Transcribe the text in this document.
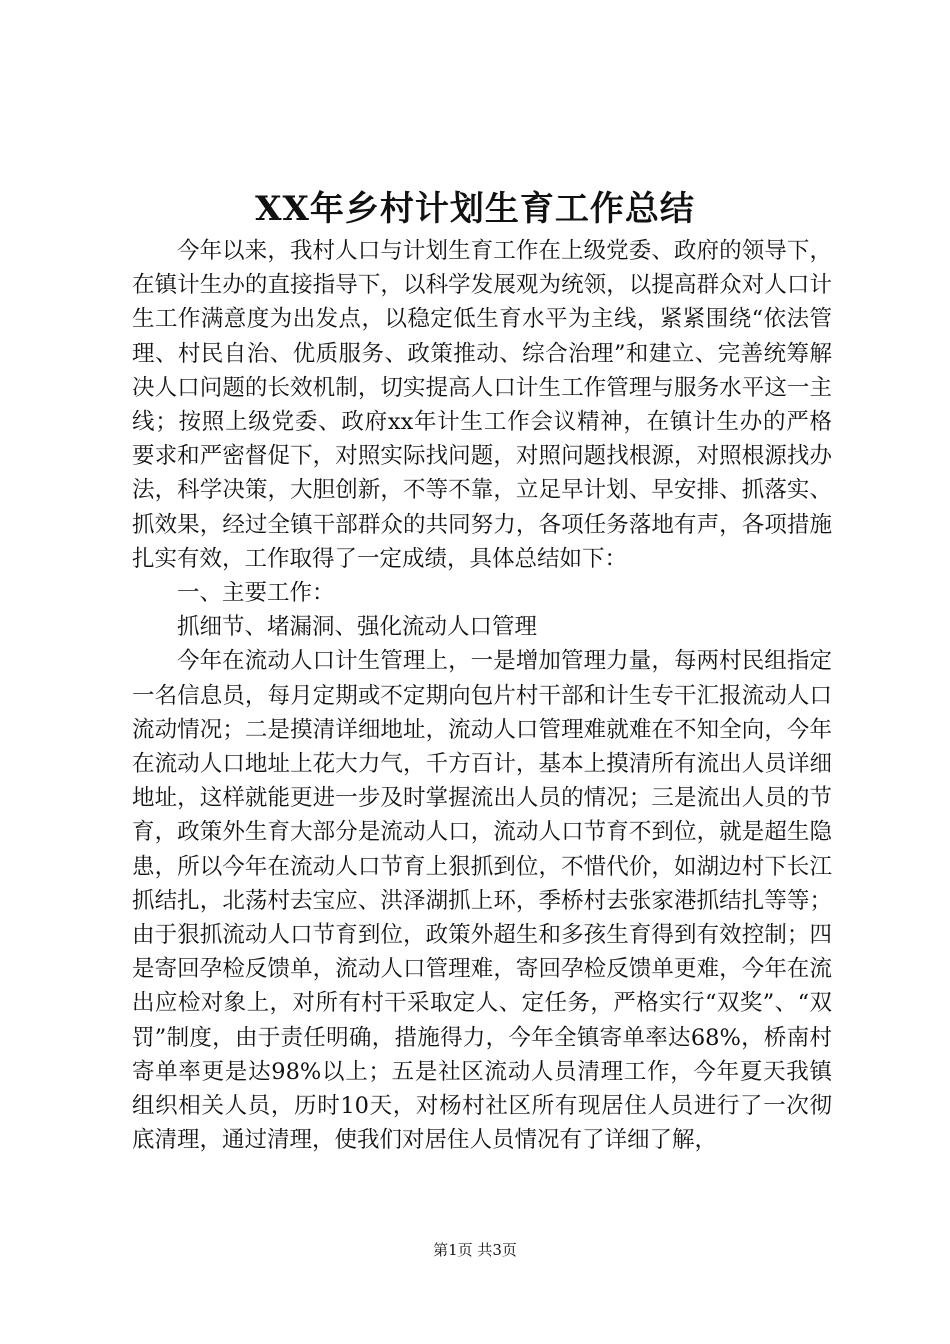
XX年乡村计划生育工作总结

今年以来，我村人口与计划生育工作在上级党委、政府的领导下，在镇计生办的直接指导下，以科学发展观为统领，以提高群众对人口计生工作满意度为出发点，以稳定低生育水平为主线，紧紧围绕“依法管理、村民自治、优质服务、政策推动、综合治理”和建立、完善统筹解决人口问题的长效机制，切实提高人口计生工作管理与服务水平这一主线；按照上级党委、政府xx年计生工作会议精神，在镇计生办的严格要求和严密督促下，对照实际找问题，对照问题找根源，对照根源找办法，科学决策，大胆创新，不等不靠，立足早计划、早安排、抓落实、抓效果，经过全镇干部群众的共同努力，各项任务落地有声，各项措施扎实有效，工作取得了一定成绩，具体总结如下：

一、主要工作：

抓细节、堵漏洞、强化流动人口管理

今年在流动人口计生管理上，一是增加管理力量，每两村民组指定一名信息员，每月定期或不定期向包片村干部和计生专干汇报流动人口流动情况；二是摸清详细地址，流动人口管理难就难在不知全向，今年在流动人口地址上花大力气，千方百计，基本上摸清所有流出人员详细地址，这样就能更进一步及时掌握流出人员的情况；三是流出人员的节育，政策外生育大部分是流动人口，流动人口节育不到位，就是超生隐患，所以今年在流动人口节育上狠抓到位，不惜代价，如湖边村下长江抓结扎，北荡村去宝应、洪泽湖抓上环，季桥村去张家港抓结扎等等；由于狠抓流动人口节育到位，政策外超生和多孩生育得到有效控制；四是寄回孕检反馈单，流动人口管理难，寄回孕检反馈单更难，今年在流出应检对象上，对所有村干采取定人、定任务，严格实行“双奖”、“双罚”制度，由于责任明确，措施得力，今年全镇寄单率达68%，桥南村寄单率更是达98%以上；五是社区流动人员清理工作，今年夏天我镇组织相关人员，历时10天，对杨村社区所有现居住人员进行了一次彻底清理，通过清理，使我们对居住人员情况有了详细了解，

第1页 共3页
